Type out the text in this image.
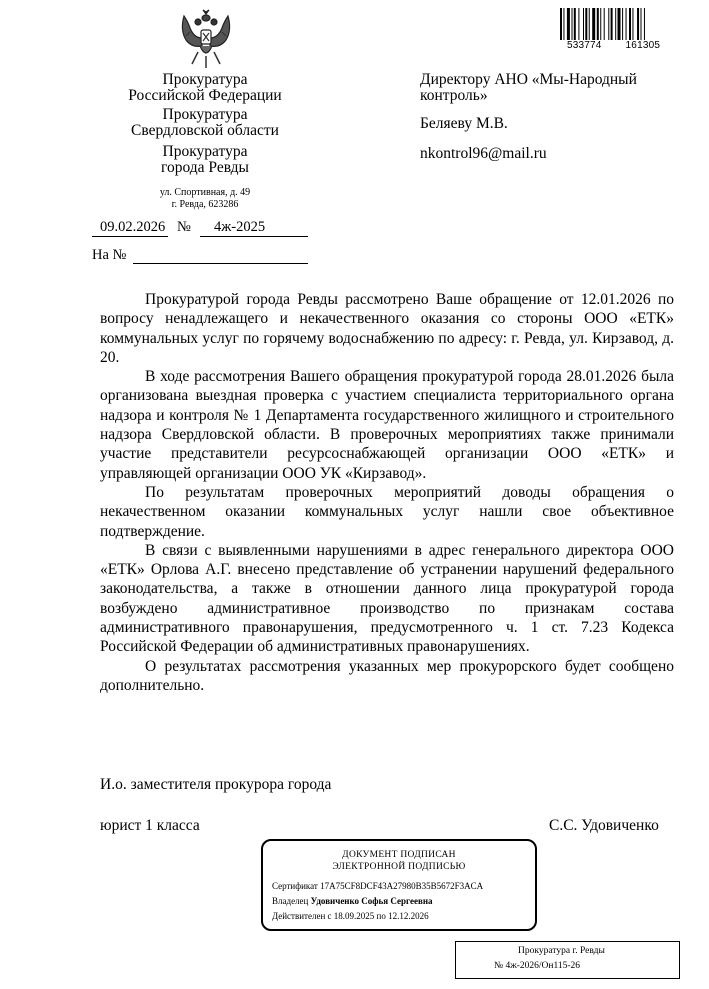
533774 161305
Прокуратура
Российской Федерации
Прокуратура
Свердловской области
Прокуратура
города Ревды
ул. Спортивная, д. 49
г. Ревда, 623286
09.02.2026 № 4ж-2025
На №
Директору АНО «Мы-Народный
контроль»
Беляеву М.В.
nkontrol96@mail.ru

Прокуратурой города Ревды рассмотрено Ваше обращение от 12.01.2026 по вопросу ненадлежащего и некачественного оказания со стороны ООО «ЕТК» коммунальных услуг по горячему водоснабжению по адресу: г. Ревда, ул. Кирзавод, д. 20.

В ходе рассмотрения Вашего обращения прокуратурой города 28.01.2026 была организована выездная проверка с участием специалиста территориального органа надзора и контроля № 1 Департамента государственного жилищного и строительного надзора Свердловской области. В проверочных мероприятиях также принимали участие представители ресурсоснабжающей организации ООО «ЕТК» и управляющей организации ООО УК «Кирзавод».

По результатам проверочных мероприятий доводы обращения о некачественном оказании коммунальных услуг нашли свое объективное подтверждение.

В связи с выявленными нарушениями в адрес генерального директора ООО «ЕТК» Орлова А.Г. внесено представление об устранении нарушений федерального законодательства, а также в отношении данного лица прокуратурой города возбуждено административное производство по признакам состава административного правонарушения, предусмотренного ч. 1 ст. 7.23 Кодекса Российской Федерации об административных правонарушениях.

О результатах рассмотрения указанных мер прокурорского будет сообщено дополнительно.

И.о. заместителя прокурора города
юрист 1 класса	С.С. Удовиченко
ДОКУМЕНТ ПОДПИСАН
ЭЛЕКТРОННОЙ ПОДПИСЬЮ
Сертификат 17A75CF8DCF43A27980B35B5672F3ACA
Владелец Удовиченко Софья Сергеевна
Действителен с 18.09.2025 по 12.12.2026
Прокуратура г. Ревды
№ 4ж-2026/Он115-26
